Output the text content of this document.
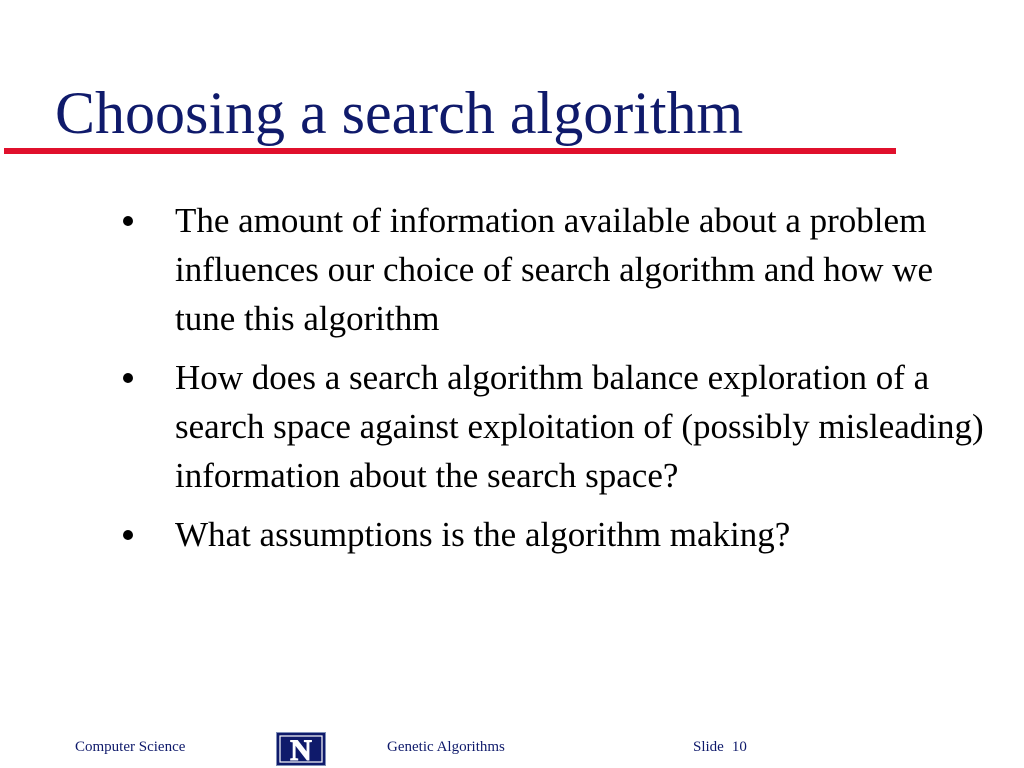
Choosing a search algorithm
The amount of information available about a problem influences our choice of search algorithm and how we tune this algorithm
How does a search algorithm balance exploration of a search space against exploitation of (possibly misleading) information about the search space?
What assumptions is the algorithm making?
Computer Science	N	Genetic Algorithms	Slide 10
